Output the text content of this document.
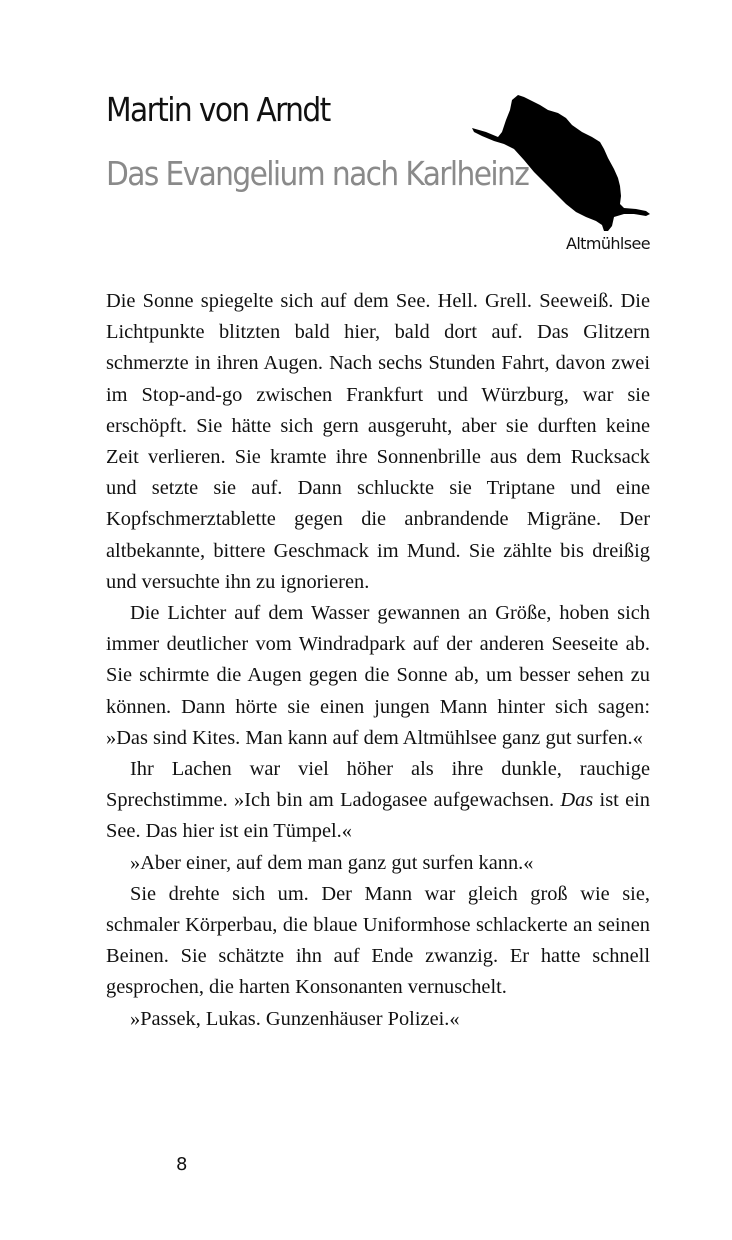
Martin von Arndt
Das Evangelium nach Karlheinz
Altmühlsee

Die Sonne spiegelte sich auf dem See. Hell. Grell. Seeweiß. Die Lichtpunkte blitzten bald hier, bald dort auf. Das Glitzern schmerzte in ihren Augen. Nach sechs Stunden Fahrt, davon zwei im Stop-and-go zwischen Frankfurt und Würzburg, war sie erschöpft. Sie hätte sich gern ausgeruht, aber sie durften keine Zeit verlieren. Sie kramte ihre Sonnenbrille aus dem Rucksack und setzte sie auf. Dann schluckte sie Triptane und eine Kopfschmerztablette gegen die anbrandende Migräne. Der altbekannte, bittere Geschmack im Mund. Sie zählte bis dreißig und versuchte ihn zu ignorieren.

Die Lichter auf dem Wasser gewannen an Größe, hoben sich immer deutlicher vom Windradpark auf der anderen Seeseite ab. Sie schirmte die Augen gegen die Sonne ab, um besser sehen zu können. Dann hörte sie einen jungen Mann hinter sich sagen: »Das sind Kites. Man kann auf dem Altmühlsee ganz gut surfen.«

Ihr Lachen war viel höher als ihre dunkle, rauchige Sprechstimme. »Ich bin am Ladogasee aufgewachsen. Das ist ein See. Das hier ist ein Tümpel.«

»Aber einer, auf dem man ganz gut surfen kann.«

Sie drehte sich um. Der Mann war gleich groß wie sie, schmaler Körperbau, die blaue Uniformhose schlackerte an seinen Beinen. Sie schätzte ihn auf Ende zwanzig. Er hatte schnell gesprochen, die harten Konsonanten vernuschelt.

»Passek, Lukas. Gunzenhäuser Polizei.«

8
